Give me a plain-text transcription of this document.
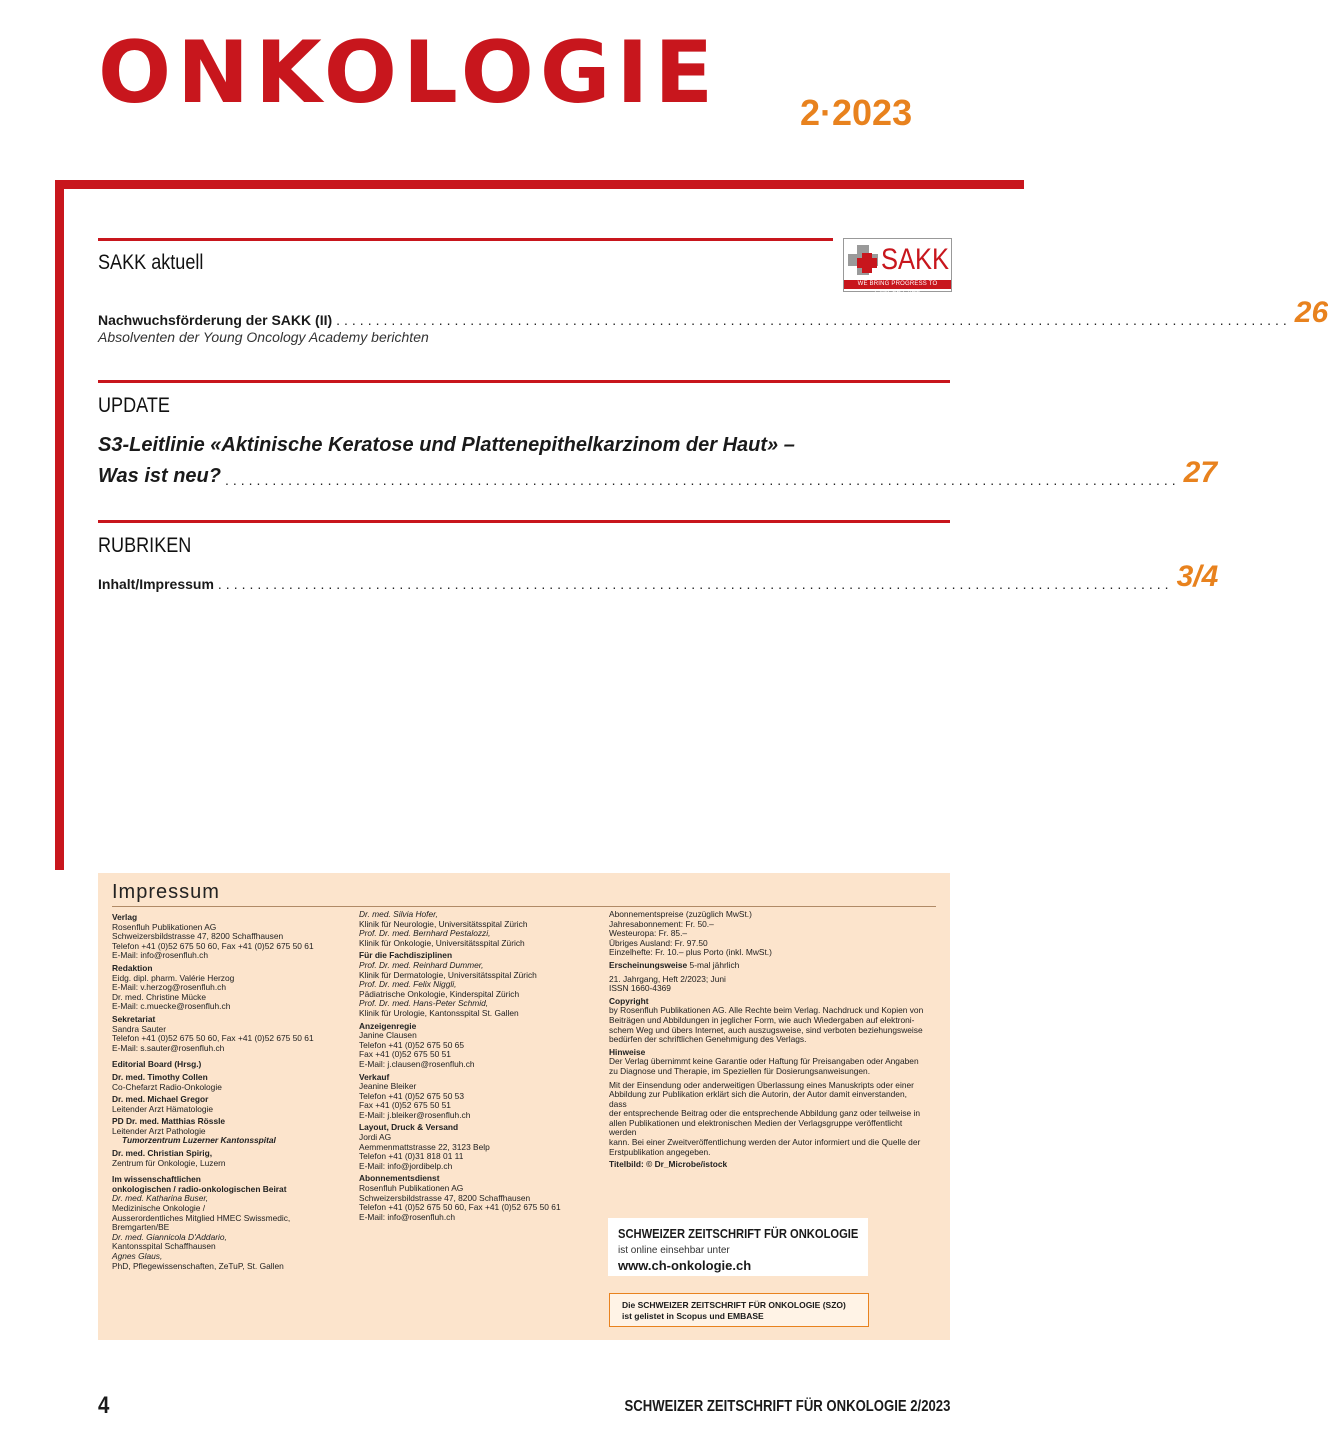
ONKOLOGIE 2·2023
SAKK aktuell	SAKK
WE BRING PROGRESS TO CANCER CARE
Nachwuchsförderung der SAKK (II) ......................................................................................................................... 26
Absolventen der Young Oncology Academy berichten
UPDATE
S3-Leitlinie «Aktinische Keratose und Plattenepithelkarzinom der Haut» –
Was ist neu? ......................................................................................................................... 27
RUBRIKEN
Inhalt/Impressum ......................................................................................................................... 3/4
Impressum
Verlag
Rosenfluh Publikationen AG
Schweizersbildstrasse 47, 8200 Schaffhausen
Telefon +41 (0)52 675 50 60, Fax +41 (0)52 675 50 61
E-Mail: info@rosenfluh.ch
Redaktion
Eidg. dipl. pharm. Valérie Herzog
E-Mail: v.herzog@rosenfluh.ch
Dr. med. Christine Mücke
E-Mail: c.muecke@rosenfluh.ch
Sekretariat
Sandra Sauter
Telefon +41 (0)52 675 50 60, Fax +41 (0)52 675 50 61
E-Mail: s.sauter@rosenfluh.ch
Editorial Board (Hrsg.)
Dr. med. Timothy Collen
Co-Chefarzt Radio-Onkologie
Dr. med. Michael Gregor
Leitender Arzt Hämatologie
PD Dr. med. Matthias Rössle
Leitender Arzt Pathologie
Tumorzentrum Luzerner Kantonsspital
Dr. med. Christian Spirig,
Zentrum für Onkologie, Luzern
Im wissenschaftlichen
onkologischen / radio-onkologischen Beirat
Dr. med. Katharina Buser,
Medizinische Onkologie /
Ausserordentliches Mitglied HMEC Swissmedic,
Bremgarten/BE
Dr. med. Giannicola D'Addario,
Kantonsspital Schaffhausen
Agnes Glaus,
PhD, Pflegewissenschaften, ZeTuP, St. Gallen
Dr. med. Silvia Hofer,
Klinik für Neurologie, Universitätsspital Zürich
Prof. Dr. med. Bernhard Pestalozzi,
Klinik für Onkologie, Universitätsspital Zürich
Für die Fachdisziplinen
Prof. Dr. med. Reinhard Dummer,
Klinik für Dermatologie, Universitätsspital Zürich
Prof. Dr. med. Felix Niggli,
Pädiatrische Onkologie, Kinderspital Zürich
Prof. Dr. med. Hans-Peter Schmid,
Klinik für Urologie, Kantonsspital St. Gallen
Anzeigenregie
Janine Clausen
Telefon +41 (0)52 675 50 65
Fax +41 (0)52 675 50 51
E-Mail: j.clausen@rosenfluh.ch
Verkauf
Jeanine Bleiker
Telefon +41 (0)52 675 50 53
Fax +41 (0)52 675 50 51
E-Mail: j.bleiker@rosenfluh.ch
Layout, Druck & Versand
Jordi AG
Aemmenmattstrasse 22, 3123 Belp
Telefon +41 (0)31 818 01 11
E-Mail: info@jordibelp.ch
Abonnementsdienst
Rosenfluh Publikationen AG
Schweizersbildstrasse 47, 8200 Schaffhausen
Telefon +41 (0)52 675 50 60, Fax +41 (0)52 675 50 61
E-Mail: info@rosenfluh.ch
Abonnementspreise (zuzüglich MwSt.)
Jahresabonnement: Fr. 50.–
Westeuropa: Fr. 85.–
Übriges Ausland: Fr. 97.50
Einzelhefte: Fr. 10.– plus Porto (inkl. MwSt.)
Erscheinungsweise 5-mal jährlich
21. Jahrgang, Heft 2/2023; Juni
ISSN 1660-4369
Copyright
by Rosenfluh Publikationen AG. Alle Rechte beim Verlag. Nachdruck und Kopien von
Beiträgen und Abbildungen in jeglicher Form, wie auch Wiedergaben auf elektroni-
schem Weg und übers Internet, auch auszugsweise, sind verboten beziehungsweise
bedürfen der schriftlichen Genehmigung des Verlags.
Hinweise
Der Verlag übernimmt keine Garantie oder Haftung für Preisangaben oder Angaben
zu Diagnose und Therapie, im Speziellen für Dosierungsanweisungen.
Mit der Einsendung oder anderweitigen Überlassung eines Manuskripts oder einer
Abbildung zur Publikation erklärt sich die Autorin, der Autor damit einverstanden,
dass
der entsprechende Beitrag oder die entsprechende Abbildung ganz oder teilweise in
allen Publikationen und elektronischen Medien der Verlagsgruppe veröffentlicht
werden
kann. Bei einer Zweitveröffentlichung werden der Autor informiert und die Quelle der
Erstpublikation angegeben.
Titelbild: © Dr_Microbe/istock
SCHWEIZER ZEITSCHRIFT FÜR ONKOLOGIE
ist online einsehbar unter
www.ch-onkologie.ch
Die SCHWEIZER ZEITSCHRIFT FÜR ONKOLOGIE (SZO)
ist gelistet in Scopus und EMBASE
4	SCHWEIZER ZEITSCHRIFT FÜR ONKOLOGIE 2/2023
